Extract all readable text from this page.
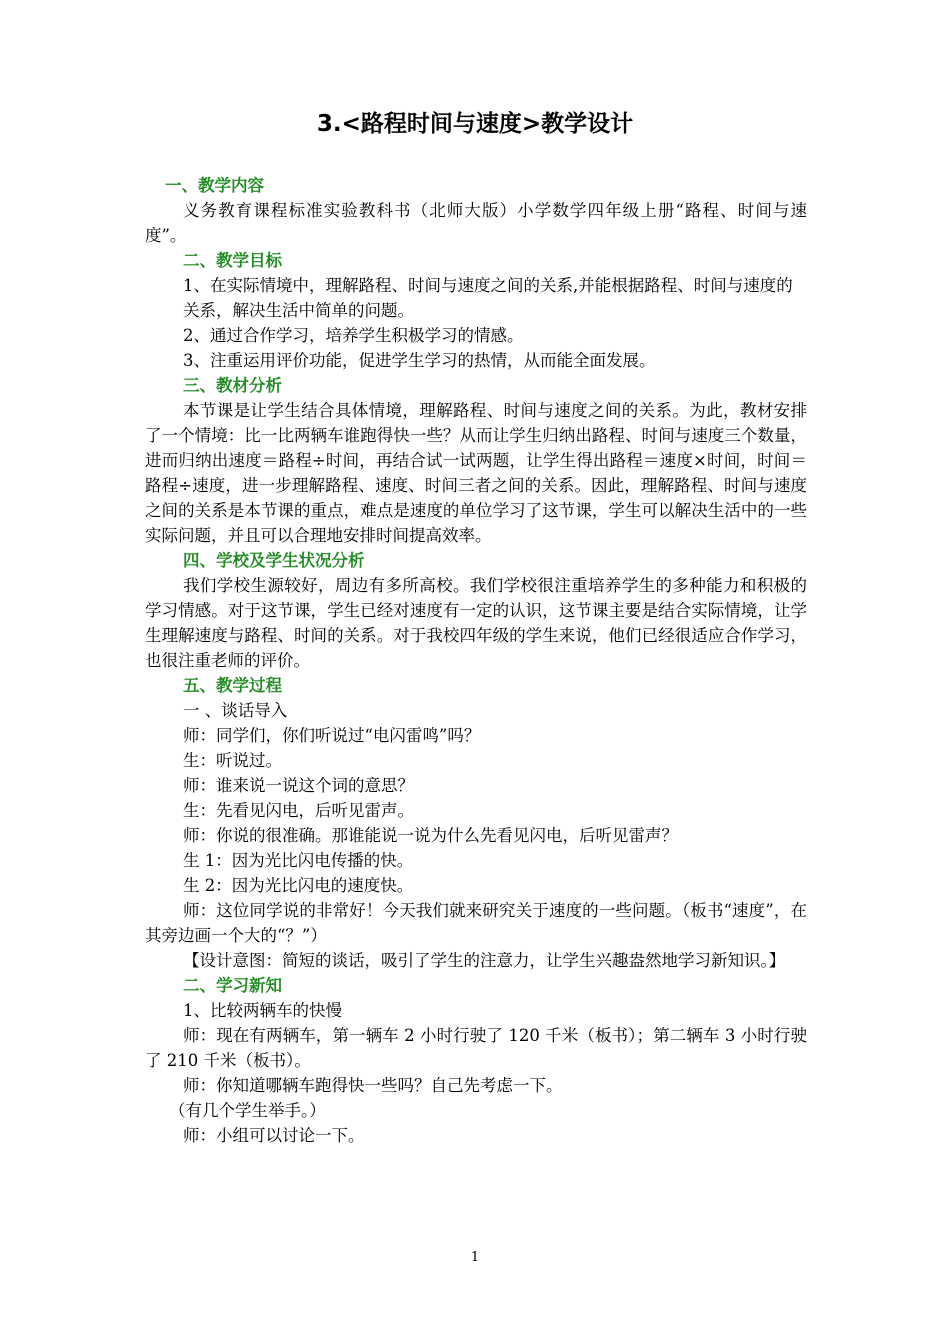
3.<路程时间与速度>教学设计

一、教学内容

义务教育课程标准实验教科书（北师大版）小学数学四年级上册“路程、时间与速度”。

二、教学目标

1、在实际情境中，理解路程、时间与速度之间的关系,并能根据路程、时间与速度的

关系，解决生活中简单的问题。

2、通过合作学习，培养学生积极学习的情感。

3、注重运用评价功能，促进学生学习的热情，从而能全面发展。

三、教材分析

本节课是让学生结合具体情境，理解路程、时间与速度之间的关系。为此，教材安排了一个情境：比一比两辆车谁跑得快一些？从而让学生归纳出路程、时间与速度三个数量，进而归纳出速度＝路程÷时间，再结合试一试两题，让学生得出路程＝速度×时间，时间＝路程÷速度，进一步理解路程、速度、时间三者之间的关系。因此，理解路程、时间与速度之间的关系是本节课的重点，难点是速度的单位学习了这节课，学生可以解决生活中的一些实际问题，并且可以合理地安排时间提高效率。

四、学校及学生状况分析

我们学校生源较好，周边有多所高校。我们学校很注重培养学生的多种能力和积极的学习情感。对于这节课，学生已经对速度有一定的认识，这节课主要是结合实际情境，让学生理解速度与路程、时间的关系。对于我校四年级的学生来说，他们已经很适应合作学习，也很注重老师的评价。

五、教学过程

一 、谈话导入

师：同学们，你们听说过“电闪雷鸣”吗？

生：听说过。

师：谁来说一说这个词的意思？

生：先看见闪电，后听见雷声。

师：你说的很准确。那谁能说一说为什么先看见闪电，后听见雷声？

生 1：因为光比闪电传播的快。

生 2：因为光比闪电的速度快。

师：这位同学说的非常好！今天我们就来研究关于速度的一些问题。（板书“速度”，在其旁边画一个大的“？”）

【设计意图：简短的谈话，吸引了学生的注意力，让学生兴趣盎然地学习新知识。】

二、学习新知

1、比较两辆车的快慢

师：现在有两辆车，第一辆车 2 小时行驶了 120 千米（板书）；第二辆车 3 小时行驶了 210 千米（板书）。

师：你知道哪辆车跑得快一些吗？自己先考虑一下。

（有几个学生举手。）

师：小组可以讨论一下。

1
